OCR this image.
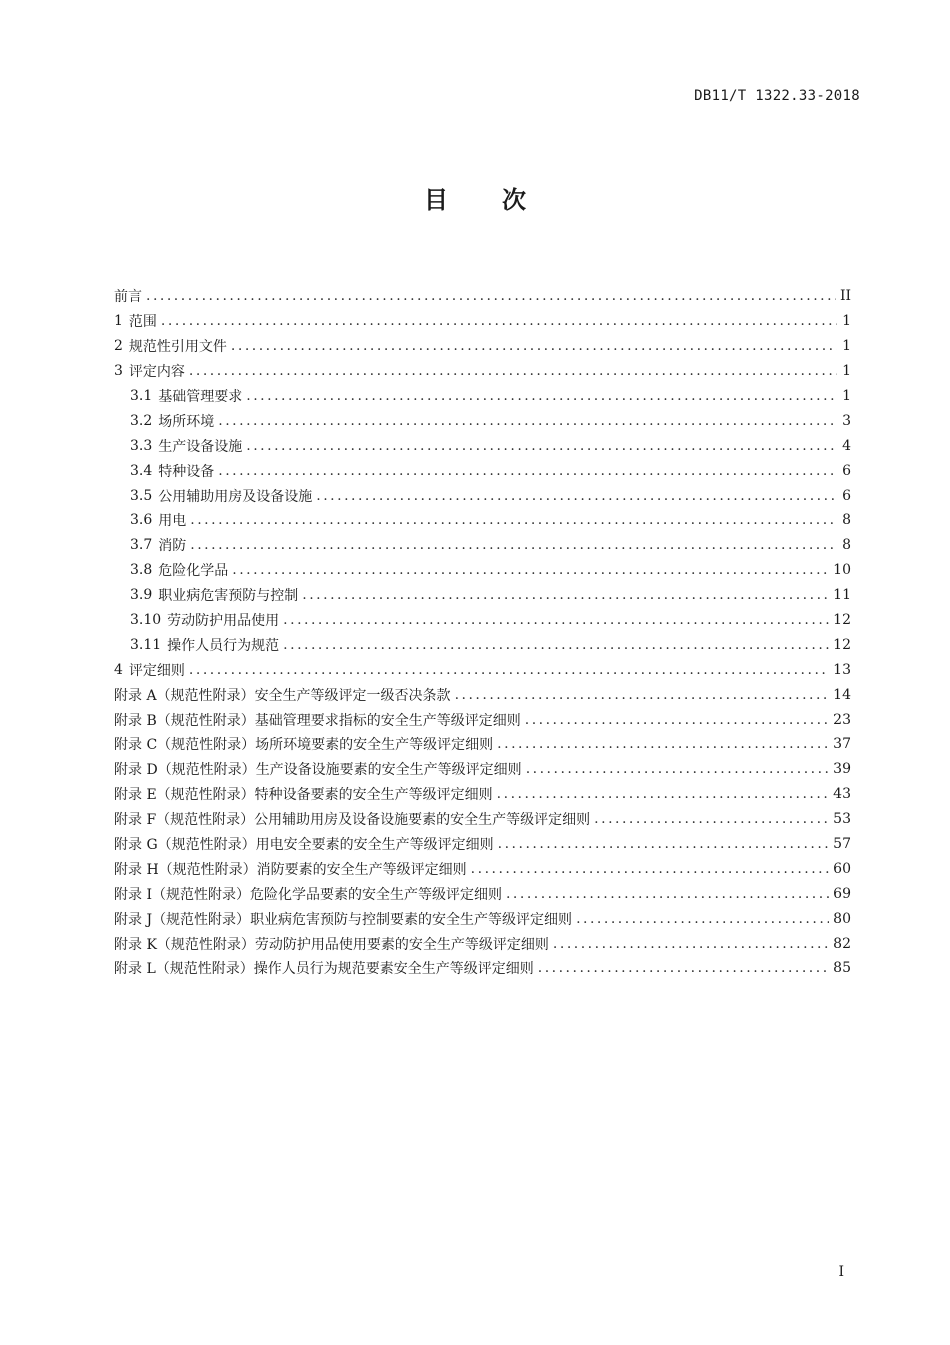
DB11/T 1322.33-2018
目 次
前言 .....	II
1 范围 .....	1
2 规范性引用文件 .....	1
3 评定内容 .....	1
3.1 基础管理要求 .....	1
3.2 场所环境 .....	3
3.3 生产设备设施 .....	4
3.4 特种设备 .....	6
3.5 公用辅助用房及设备设施 .....	6
3.6 用电 .....	8
3.7 消防 .....	8
3.8 危险化学品 .....	10
3.9 职业病危害预防与控制 .....	11
3.10 劳动防护用品使用 .....	12
3.11 操作人员行为规范 .....	12
4 评定细则 .....	13
附录 A （规范性附录） 安全生产等级评定一级否决条款 .....	14
附录 B （规范性附录） 基础管理要求指标的安全生产等级评定细则 .....	23
附录 C （规范性附录） 场所环境要素的安全生产等级评定细则 .....	37
附录 D （规范性附录） 生产设备设施要素的安全生产等级评定细则 .....	39
附录 E （规范性附录） 特种设备要素的安全生产等级评定细则 .....	43
附录 F （规范性附录） 公用辅助用房及设备设施要素的安全生产等级评定细则 .....	53
附录 G （规范性附录） 用电安全要素的安全生产等级评定细则 .....	57
附录 H （规范性附录） 消防要素的安全生产等级评定细则 .....	60
附录 I （规范性附录） 危险化学品要素的安全生产等级评定细则 .....	69
附录 J （规范性附录） 职业病危害预防与控制要素的安全生产等级评定细则 .....	80
附录 K （规范性附录） 劳动防护用品使用要素的安全生产等级评定细则 .....	82
附录 L （规范性附录） 操作人员行为规范要素安全生产等级评定细则 .....	85
I
